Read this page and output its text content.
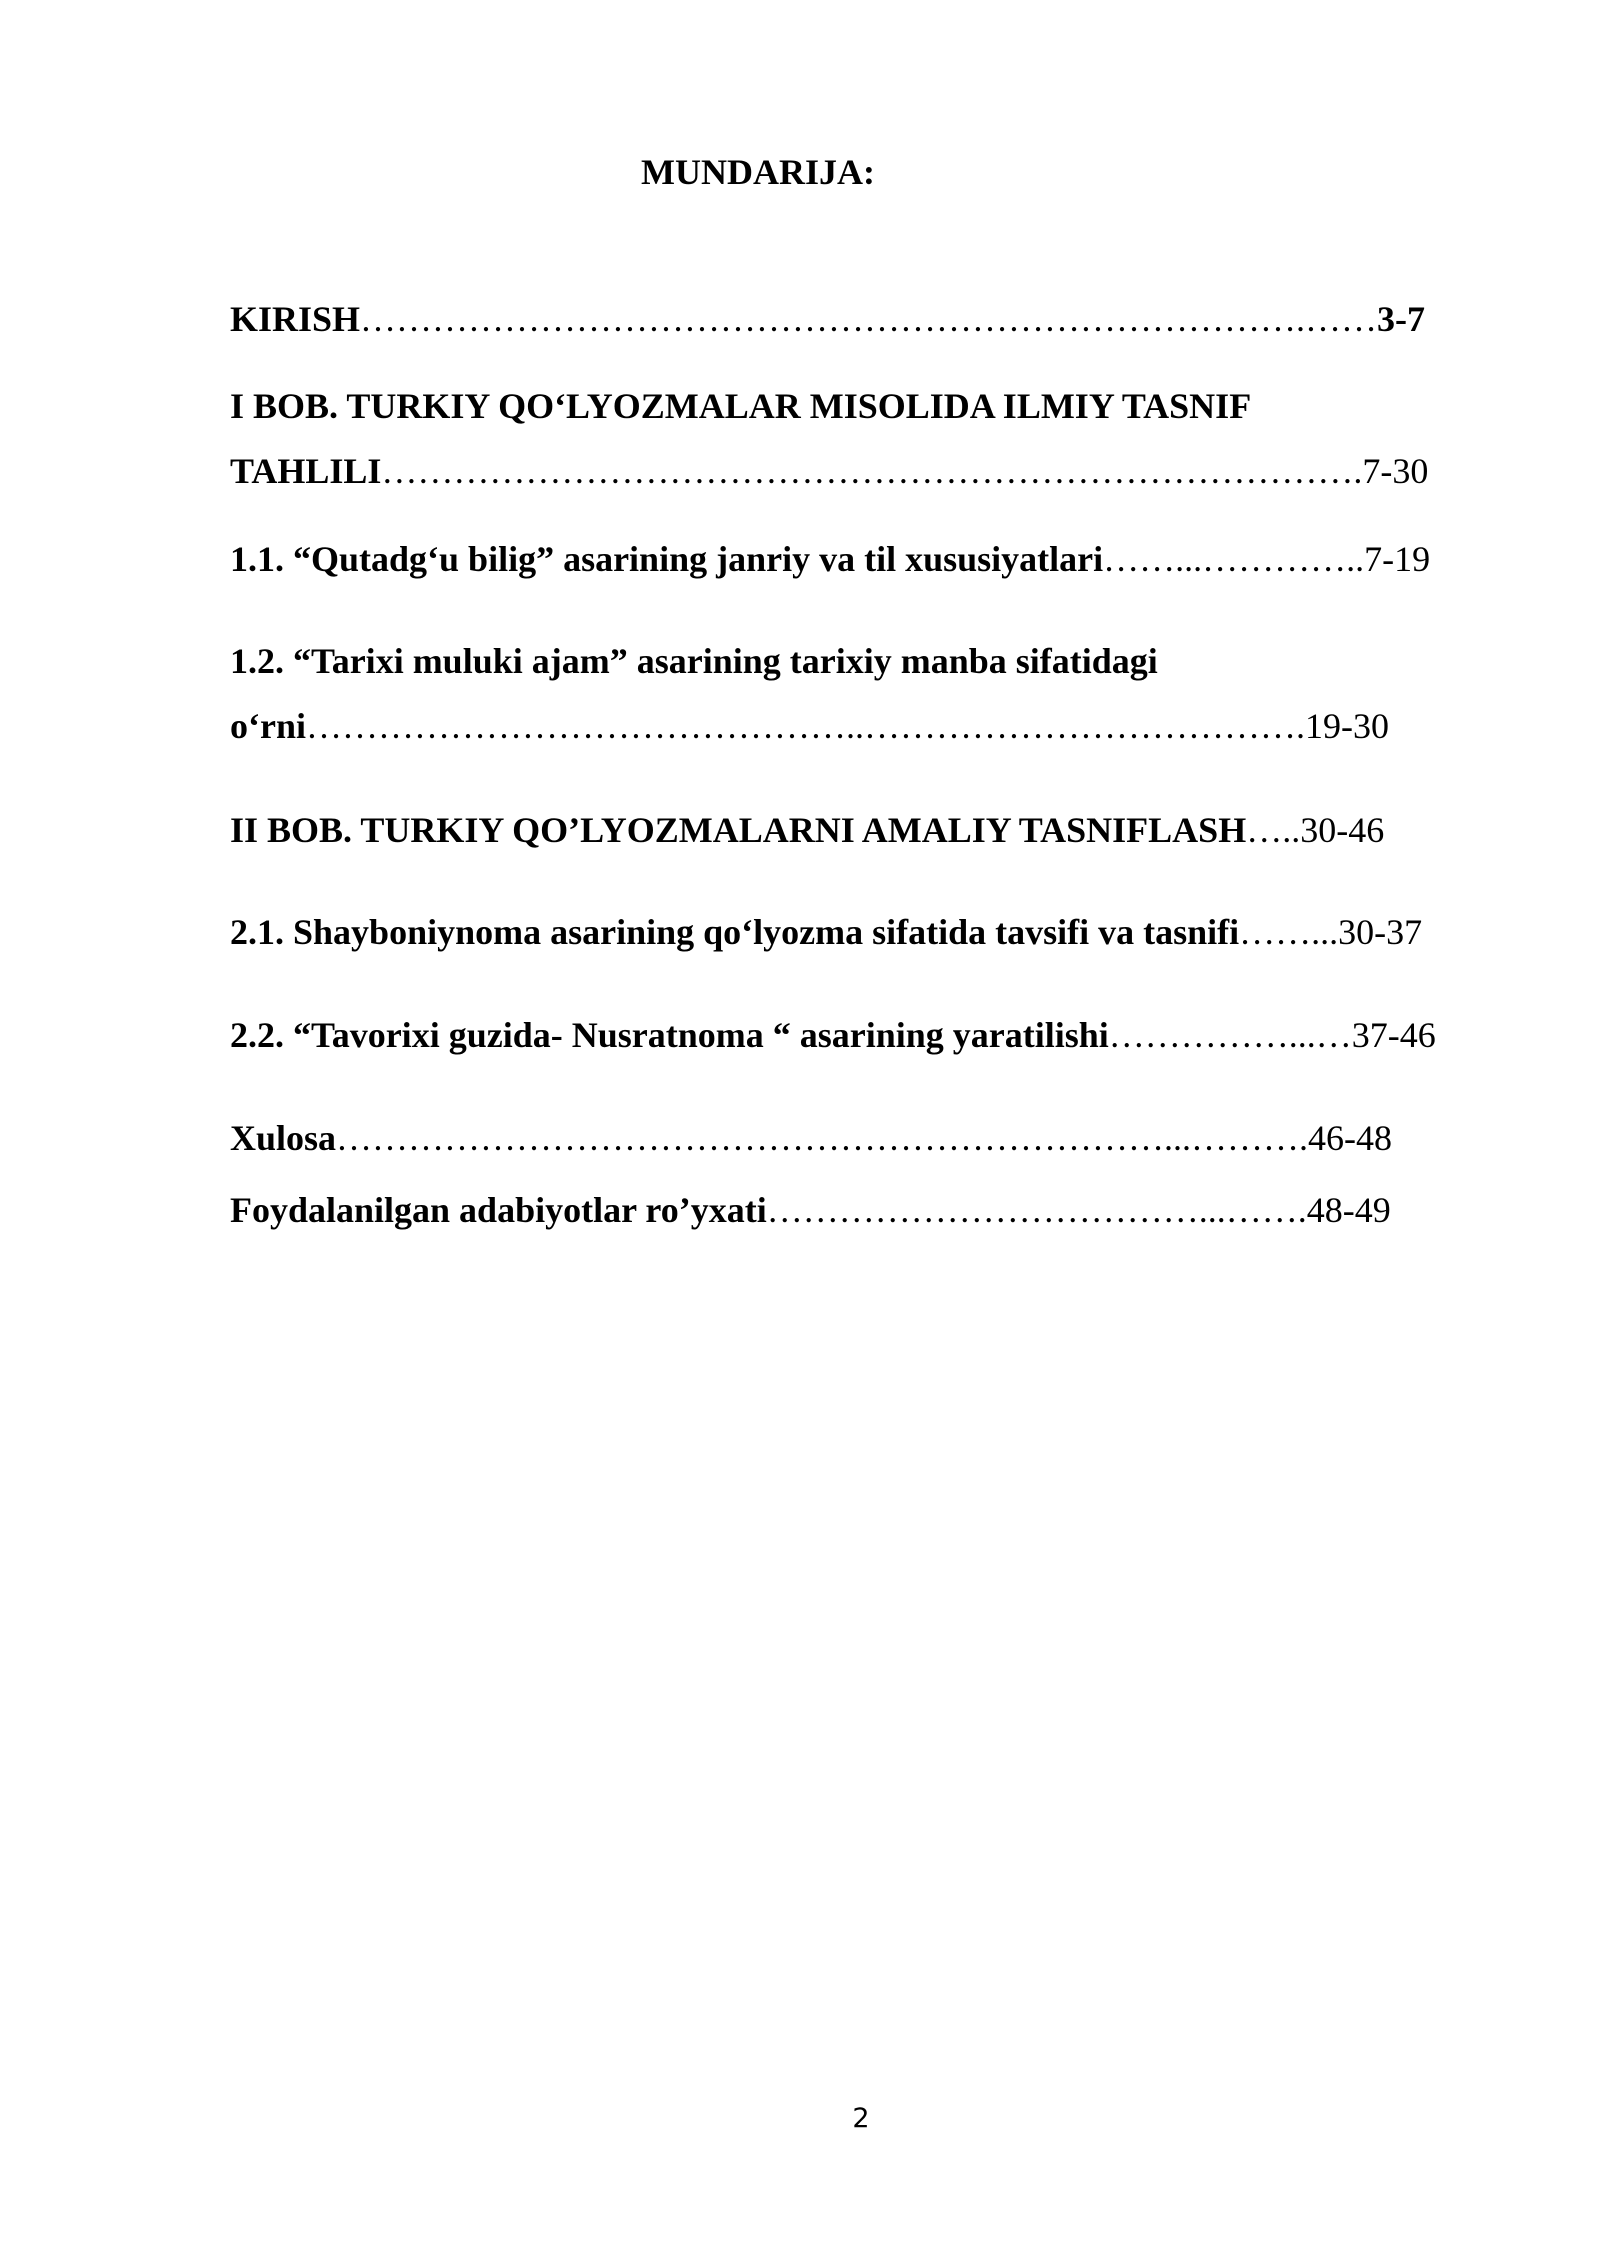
MUNDARIJA:
KIRISH…………………………………………………………………….……3-7
I BOB. TURKIY QO‘LYOZMALAR MISOLIDA ILMIY TASNIF
TAHLILI……………………………………………………………………….7-30
1.1. “Qutadg‘u bilig” asarining janriy va til xususiyatlari……...…………..7-19
1.2. “Tarixi muluki ajam” asarining tarixiy manba sifatidagi
o‘rni………………………………………..……………………………….19-30
II BOB. TURKIY QO’LYOZMALARNI AMALIY TASNIFLASH…..30-46
2.1. Shayboniynoma asarining qo‘lyozma sifatida tavsifi va tasnifi……...30-37
2.2. “Tavorixi guzida- Nusratnoma “ asarining yaratilishi……………...…37-46
Xulosa……………………………………………………………...……….46-48
Foydalanilgan adabiyotlar ro’yxati………………………………...…….48-49
2
